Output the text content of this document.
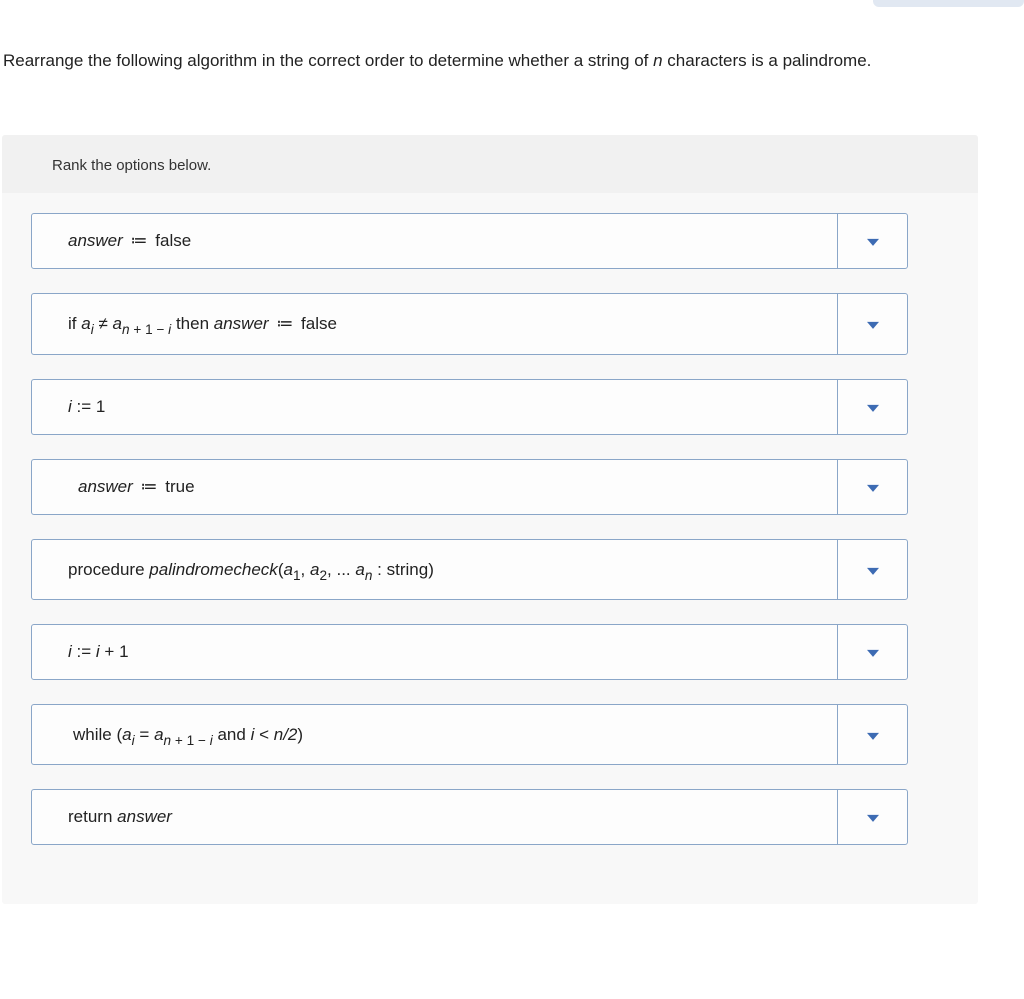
Rearrange the following algorithm in the correct order to determine whether a string of n characters is a palindrome.
Rank the options below.
answer ≔ false
if $a_i \ne a_{n + 1 - i}$ then answer ≔ false
i := 1
answer ≔ true
procedure $palindromecheck(a_1$, $a_2$, ... $a_n$ : string)
i := i + 1
while ($a_i = a_{n + 1 - i}$ and i < n/2)
return answer
